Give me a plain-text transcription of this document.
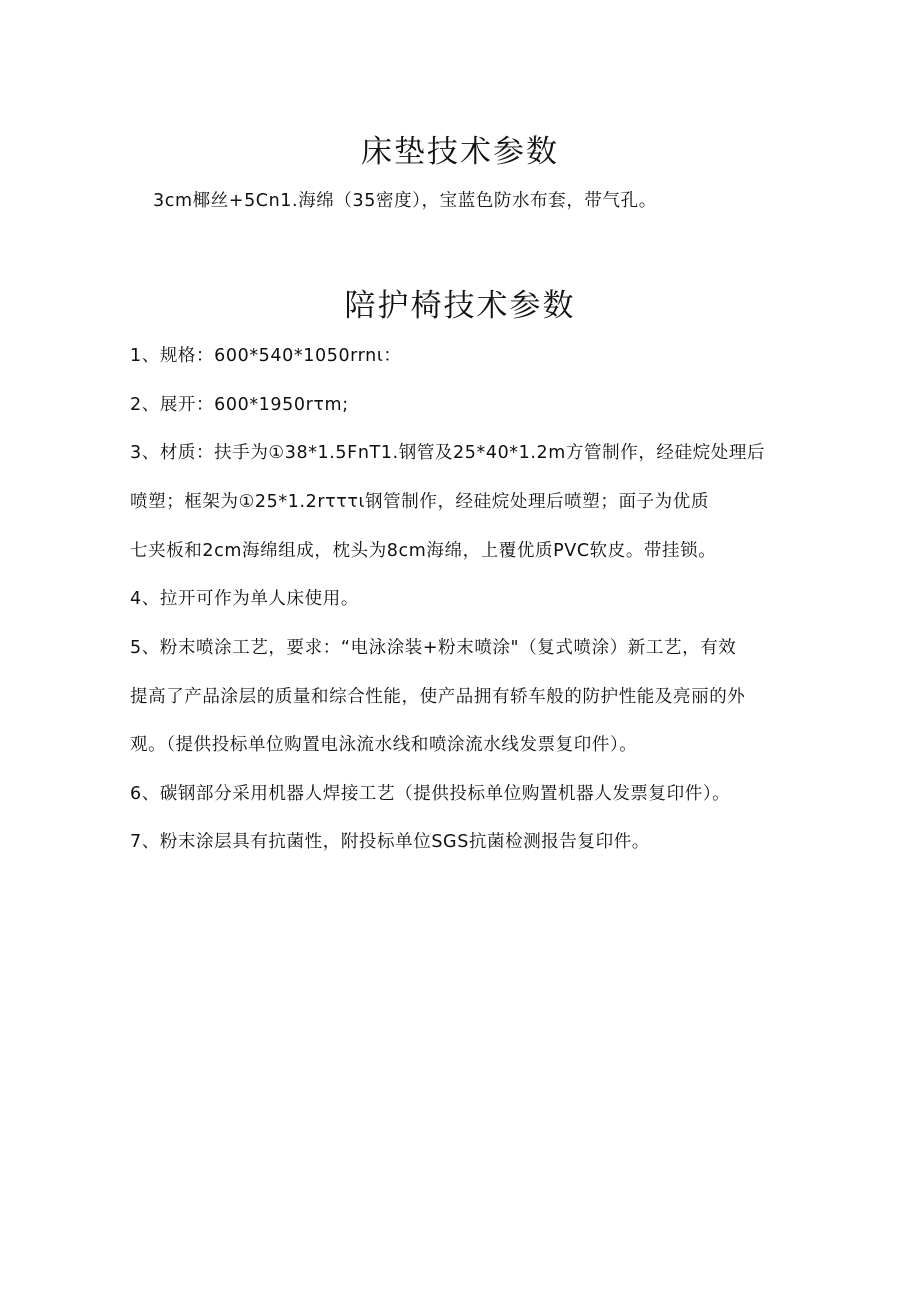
床垫技术参数
3cm椰丝+5Cn1.海绵（35密度），宝蓝色防水布套，带气孔。
陪护椅技术参数
1、规格：600*540*1050rrnι：
2、展开：600*1950rτm;
3、材质：扶手为①38*1.5FnT1.钢管及25*40*1.2m方管制作，经硅烷处理后
喷塑；框架为①25*1.2rτττι钢管制作，经硅烷处理后喷塑；面子为优质
七夹板和2cm海绵组成，枕头为8cm海绵，上覆优质PVC软皮。带挂锁。
4、拉开可作为单人床使用。
5、粉末喷涂工艺，要求：“电泳涂装+粉末喷涂"（复式喷涂）新工艺，有效
提高了产品涂层的质量和综合性能，使产品拥有轿车般的防护性能及亮丽的外
观。（提供投标单位购置电泳流水线和喷涂流水线发票复印件）。
6、碳钢部分采用机器人焊接工艺（提供投标单位购置机器人发票复印件）。
7、粉末涂层具有抗菌性，附投标单位SGS抗菌检测报告复印件。
